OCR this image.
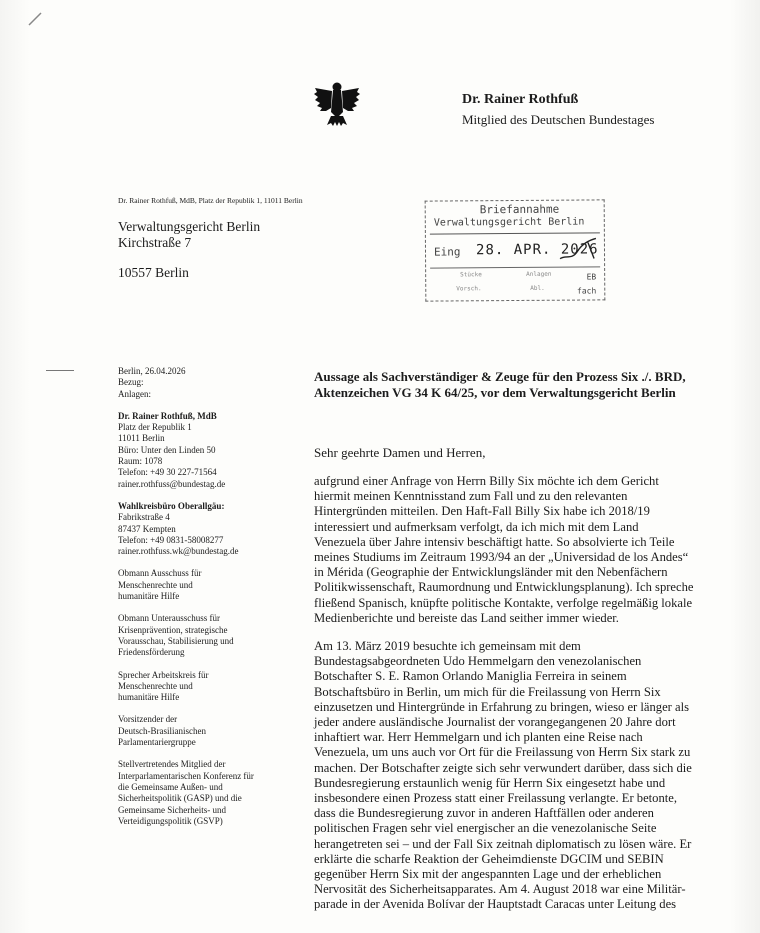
Dr. Rainer Rothfuß
Mitglied des Deutschen Bundestages
Dr. Rainer Rothfuß, MdB, Platz der Republik 1, 11011 Berlin
Verwaltungsgericht Berlin
Kirchstraße 7
10557 Berlin
Briefannahme
Verwaltungsgericht Berlin
Eing 28. APR. 2026
Stücke	Anlagen	EB
Vorsch.	Abl.	fach
Berlin, 26.04.2026
Bezug:
Anlagen:
Dr. Rainer Rothfuß, MdB
Platz der Republik 1
11011 Berlin
Büro: Unter den Linden 50
Raum: 1078
Telefon: +49 30 227-71564
rainer.rothfuss@bundestag.de
Wahlkreisbüro Oberallgäu:
Fabrikstraße 4
87437 Kempten
Telefon: +49 0831-58008277
rainer.rothfuss.wk@bundestag.de
Obmann Ausschuss für
Menschenrechte und
humanitäre Hilfe
Obmann Unterausschuss für
Krisenprävention, strategische
Vorausschau, Stabilisierung und
Friedensförderung
Sprecher Arbeitskreis für
Menschenrechte und
humanitäre Hilfe
Vorsitzender der
Deutsch-Brasilianischen
Parlamentariergruppe
Stellvertretendes Mitglied der
Interparlamentarischen Konferenz für
die Gemeinsame Außen- und
Sicherheitspolitik (GASP) und die
Gemeinsame Sicherheits- und
Verteidigungspolitik (GSVP)
Aussage als Sachverständiger & Zeuge für den Prozess Six ./. BRD,
Aktenzeichen VG 34 K 64/25, vor dem Verwaltungsgericht Berlin
Sehr geehrte Damen und Herren,
aufgrund einer Anfrage von Herrn Billy Six möchte ich dem Gericht
hiermit meinen Kenntnisstand zum Fall und zu den relevanten
Hintergründen mitteilen. Den Haft-Fall Billy Six habe ich 2018/19
interessiert und aufmerksam verfolgt, da ich mich mit dem Land
Venezuela über Jahre intensiv beschäftigt hatte. So absolvierte ich Teile
meines Studiums im Zeitraum 1993/94 an der „Universidad de los Andes“
in Mérida (Geographie der Entwicklungsländer mit den Nebenfächern
Politikwissenschaft, Raumordnung und Entwicklungsplanung). Ich spreche
fließend Spanisch, knüpfte politische Kontakte, verfolge regelmäßig lokale
Medienberichte und bereiste das Land seither immer wieder.
Am 13. März 2019 besuchte ich gemeinsam mit dem
Bundestagsabgeordneten Udo Hemmelgarn den venezolanischen
Botschafter S. E. Ramon Orlando Maniglia Ferreira in seinem
Botschaftsbüro in Berlin, um mich für die Freilassung von Herrn Six
einzusetzen und Hintergründe in Erfahrung zu bringen, wieso er länger als
jeder andere ausländische Journalist der vorangegangenen 20 Jahre dort
inhaftiert war. Herr Hemmelgarn und ich planten eine Reise nach
Venezuela, um uns auch vor Ort für die Freilassung von Herrn Six stark zu
machen. Der Botschafter zeigte sich sehr verwundert darüber, dass sich die
Bundesregierung erstaunlich wenig für Herrn Six eingesetzt habe und
insbesondere einen Prozess statt einer Freilassung verlangte. Er betonte,
dass die Bundesregierung zuvor in anderen Haftfällen oder anderen
politischen Fragen sehr viel energischer an die venezolanische Seite
herangetreten sei – und der Fall Six zeitnah diplomatisch zu lösen wäre. Er
erklärte die scharfe Reaktion der Geheimdienste DGCIM und SEBIN
gegenüber Herrn Six mit der angespannten Lage und der erheblichen
Nervosität des Sicherheitsapparates. Am 4. August 2018 war eine Militär-
parade in der Avenida Bolívar der Hauptstadt Caracas unter Leitung des
